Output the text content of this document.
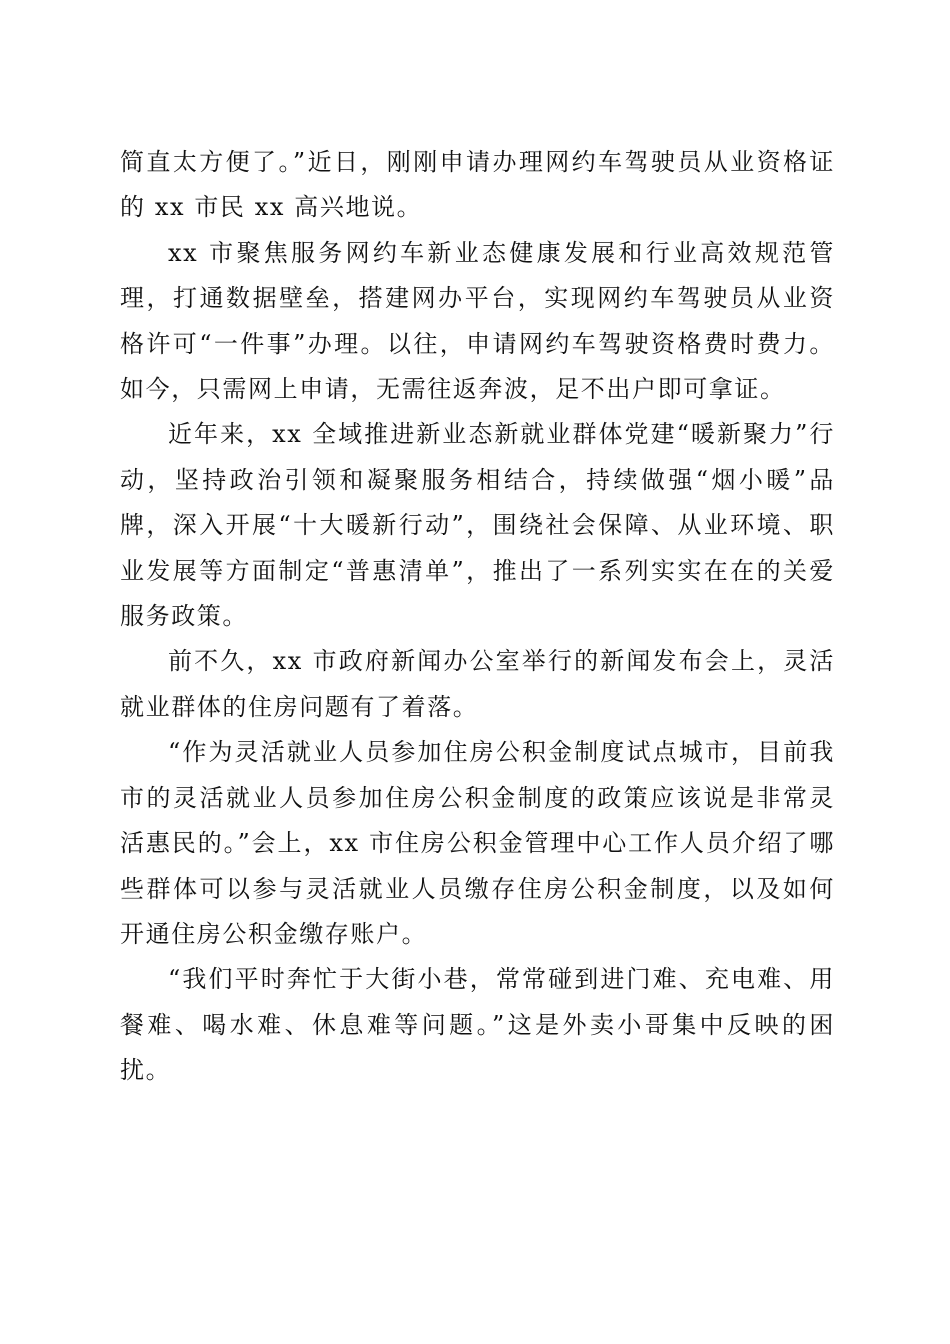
简直太方便了。”近日，刚刚申请办理网约车驾驶员从业资格证的 xx 市民 xx 高兴地说。

xx 市聚焦服务网约车新业态健康发展和行业高效规范管理，打通数据壁垒，搭建网办平台，实现网约车驾驶员从业资格许可“一件事”办理。以往，申请网约车驾驶资格费时费力。如今，只需网上申请，无需往返奔波，足不出户即可拿证。

近年来，xx 全域推进新业态新就业群体党建“暖新聚力”行动，坚持政治引领和凝聚服务相结合，持续做强“烟小暖”品牌，深入开展“十大暖新行动”，围绕社会保障、从业环境、职业发展等方面制定“普惠清单”，推出了一系列实实在在的关爱服务政策。

前不久，xx 市政府新闻办公室举行的新闻发布会上，灵活就业群体的住房问题有了着落。

“作为灵活就业人员参加住房公积金制度试点城市，目前我市的灵活就业人员参加住房公积金制度的政策应该说是非常灵活惠民的。”会上，xx 市住房公积金管理中心工作人员介绍了哪些群体可以参与灵活就业人员缴存住房公积金制度，以及如何开通住房公积金缴存账户。

“我们平时奔忙于大街小巷，常常碰到进门难、充电难、用餐难、喝水难、休息难等问题。”这是外卖小哥集中反映的困扰。
